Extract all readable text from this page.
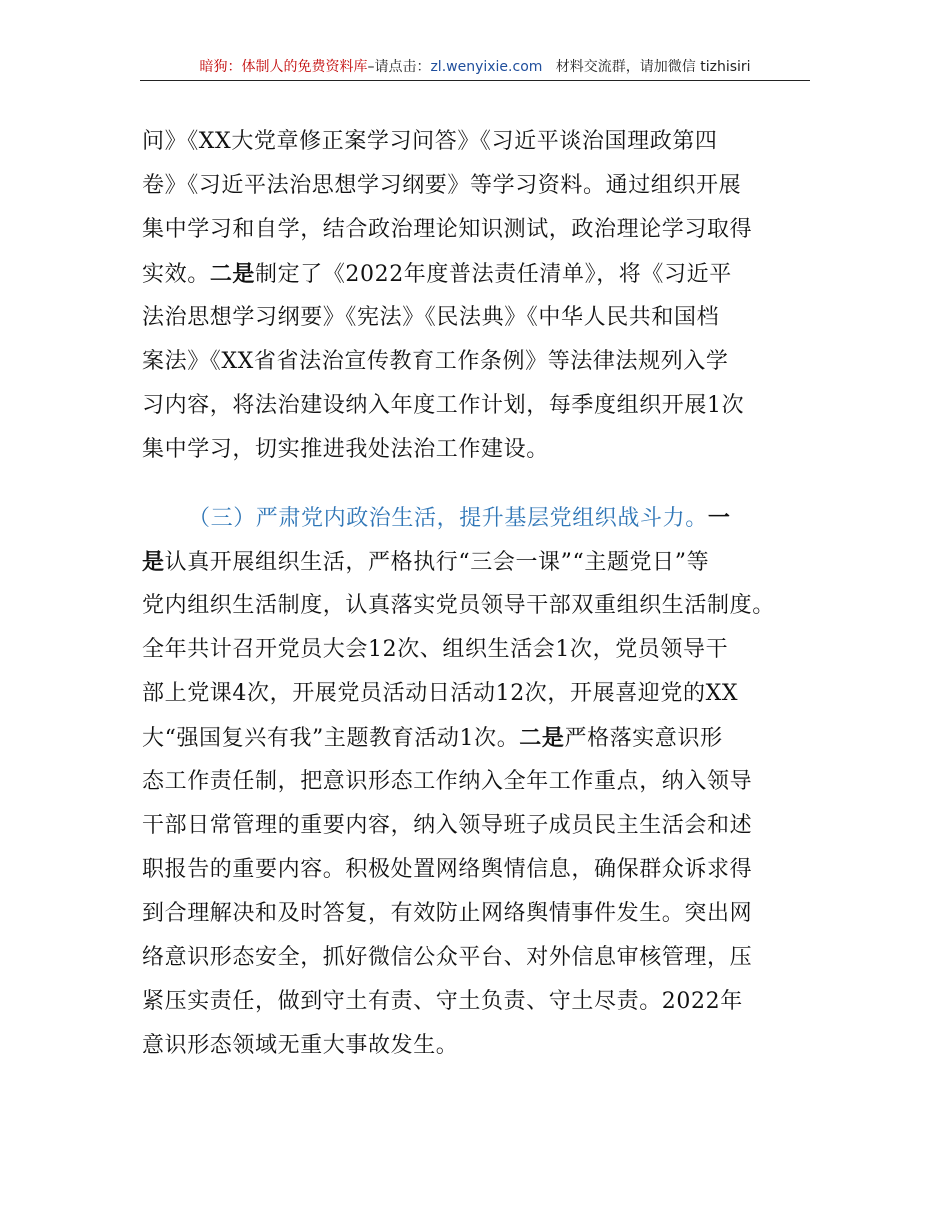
暗狗：体制人的免费资料库–请点击：zl.wenyixie.com 材料交流群，请加微信 tizhisiri
问》《XX大党章修正案学习问答》《习近平谈治国理政第四
卷》《习近平法治思想学习纲要》等学习资料。通过组织开展
集中学习和自学，结合政治理论知识测试，政治理论学习取得
实效。二是制定了《2022年度普法责任清单》，将《习近平
法治思想学习纲要》《宪法》《民法典》《中华人民共和国档
案法》《XX省省法治宣传教育工作条例》等法律法规列入学
习内容，将法治建设纳入年度工作计划，每季度组织开展1次
集中学习，切实推进我处法治工作建设。
（三）严肃党内政治生活，提升基层党组织战斗力。一
是认真开展组织生活，严格执行“三会一课”“主题党日”等
党内组织生活制度，认真落实党员领导干部双重组织生活制度。
全年共计召开党员大会12次、组织生活会1次，党员领导干
部上党课4次，开展党员活动日活动12次，开展喜迎党的XX
大“强国复兴有我”主题教育活动1次。二是严格落实意识形
态工作责任制，把意识形态工作纳入全年工作重点，纳入领导
干部日常管理的重要内容，纳入领导班子成员民主生活会和述
职报告的重要内容。积极处置网络舆情信息，确保群众诉求得
到合理解决和及时答复，有效防止网络舆情事件发生。突出网
络意识形态安全，抓好微信公众平台、对外信息审核管理，压
紧压实责任，做到守土有责、守土负责、守土尽责。2022年
意识形态领域无重大事故发生。
